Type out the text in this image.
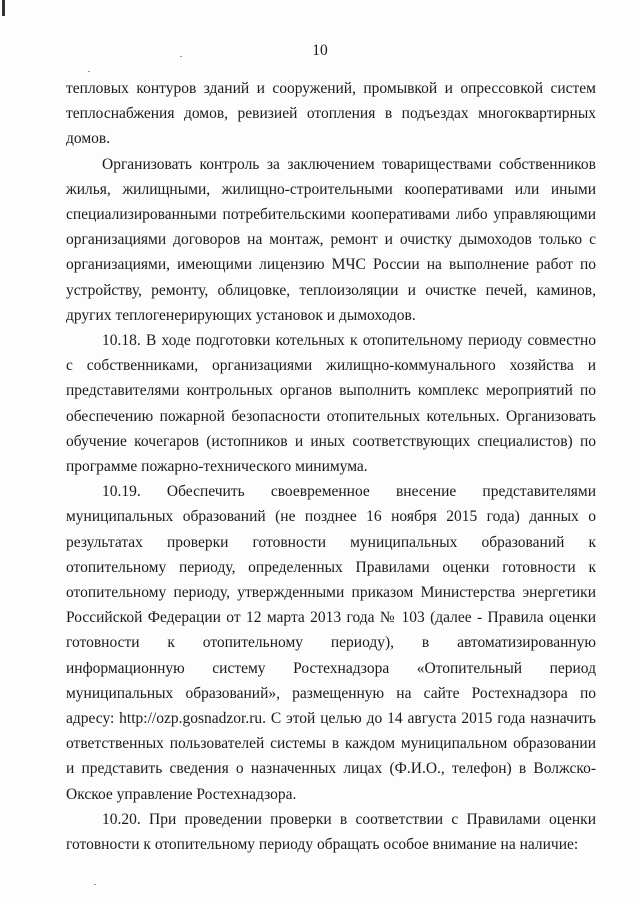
10

тепловых контуров зданий и сооружений, промывкой и опрессовкой систем теплоснабжения домов, ревизией отопления в подъездах многоквартирных домов.

Организовать контроль за заключением товариществами собственников жилья, жилищными, жилищно-строительными кооперативами или иными специализированными потребительскими кооперативами либо управляющими организациями договоров на монтаж, ремонт и очистку дымоходов только с организациями, имеющими лицензию МЧС России на выполнение работ по устройству, ремонту, облицовке, теплоизоляции и очистке печей, каминов, других теплогенерирующих установок и дымоходов.

10.18. В ходе подготовки котельных к отопительному периоду совместно с собственниками, организациями жилищно-коммунального хозяйства и представителями контрольных органов выполнить комплекс мероприятий по обеспечению пожарной безопасности отопительных котельных. Организовать обучение кочегаров (истопников и иных соответствующих специалистов) по программе пожарно-технического минимума.

10.19. Обеспечить своевременное внесение представителями муниципальных образований (не позднее 16 ноября 2015 года) данных о результатах проверки готовности муниципальных образований к отопительному периоду, определенных Правилами оценки готовности к отопительному периоду, утвержденными приказом Министерства энергетики Российской Федерации от 12 марта 2013 года № 103 (далее - Правила оценки готовности к отопительному периоду), в автоматизированную информационную систему Ростехнадзора «Отопительный период муниципальных образований», размещенную на сайте Ростехнадзора по адресу: http://ozp.gosnadzor.ru. С этой целью до 14 августа 2015 года назначить ответственных пользователей системы в каждом муниципальном образовании и представить сведения о назначенных лицах (Ф.И.О., телефон) в Волжско-Окское управление Ростехнадзора.

10.20. При проведении проверки в соответствии с Правилами оценки готовности к отопительному периоду обращать особое внимание на наличие:
